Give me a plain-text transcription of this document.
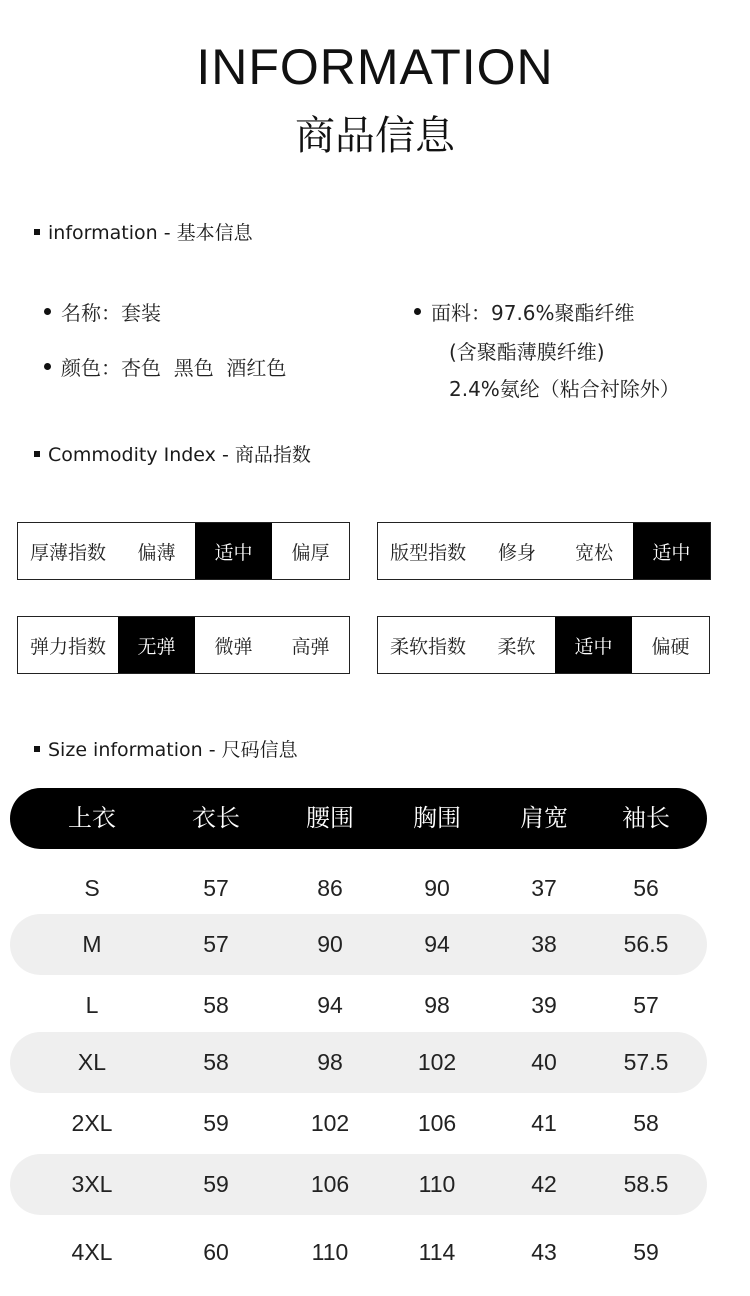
INFORMATION
商品信息
information - 基本信息
名称：套装
颜色：杏色  黑色  酒红色
面料：97.6%聚酯纤维
(含聚酯薄膜纤维)
2.4%氨纶（粘合衬除外）
Commodity Index - 商品指数
厚薄指数	偏薄	适中	偏厚	版型指数	修身	宽松	适中
弹力指数	无弹	微弹	高弹	柔软指数	柔软	适中	偏硬
Size information - 尺码信息
上衣	衣长	腰围	胸围	肩宽	袖长
S	57	86	90	37	56
M	57	90	94	38	56.5
L	58	94	98	39	57
XL	58	98	102	40	57.5
2XL	59	102	106	41	58
3XL	59	106	110	42	58.5
4XL	60	110	114	43	59
